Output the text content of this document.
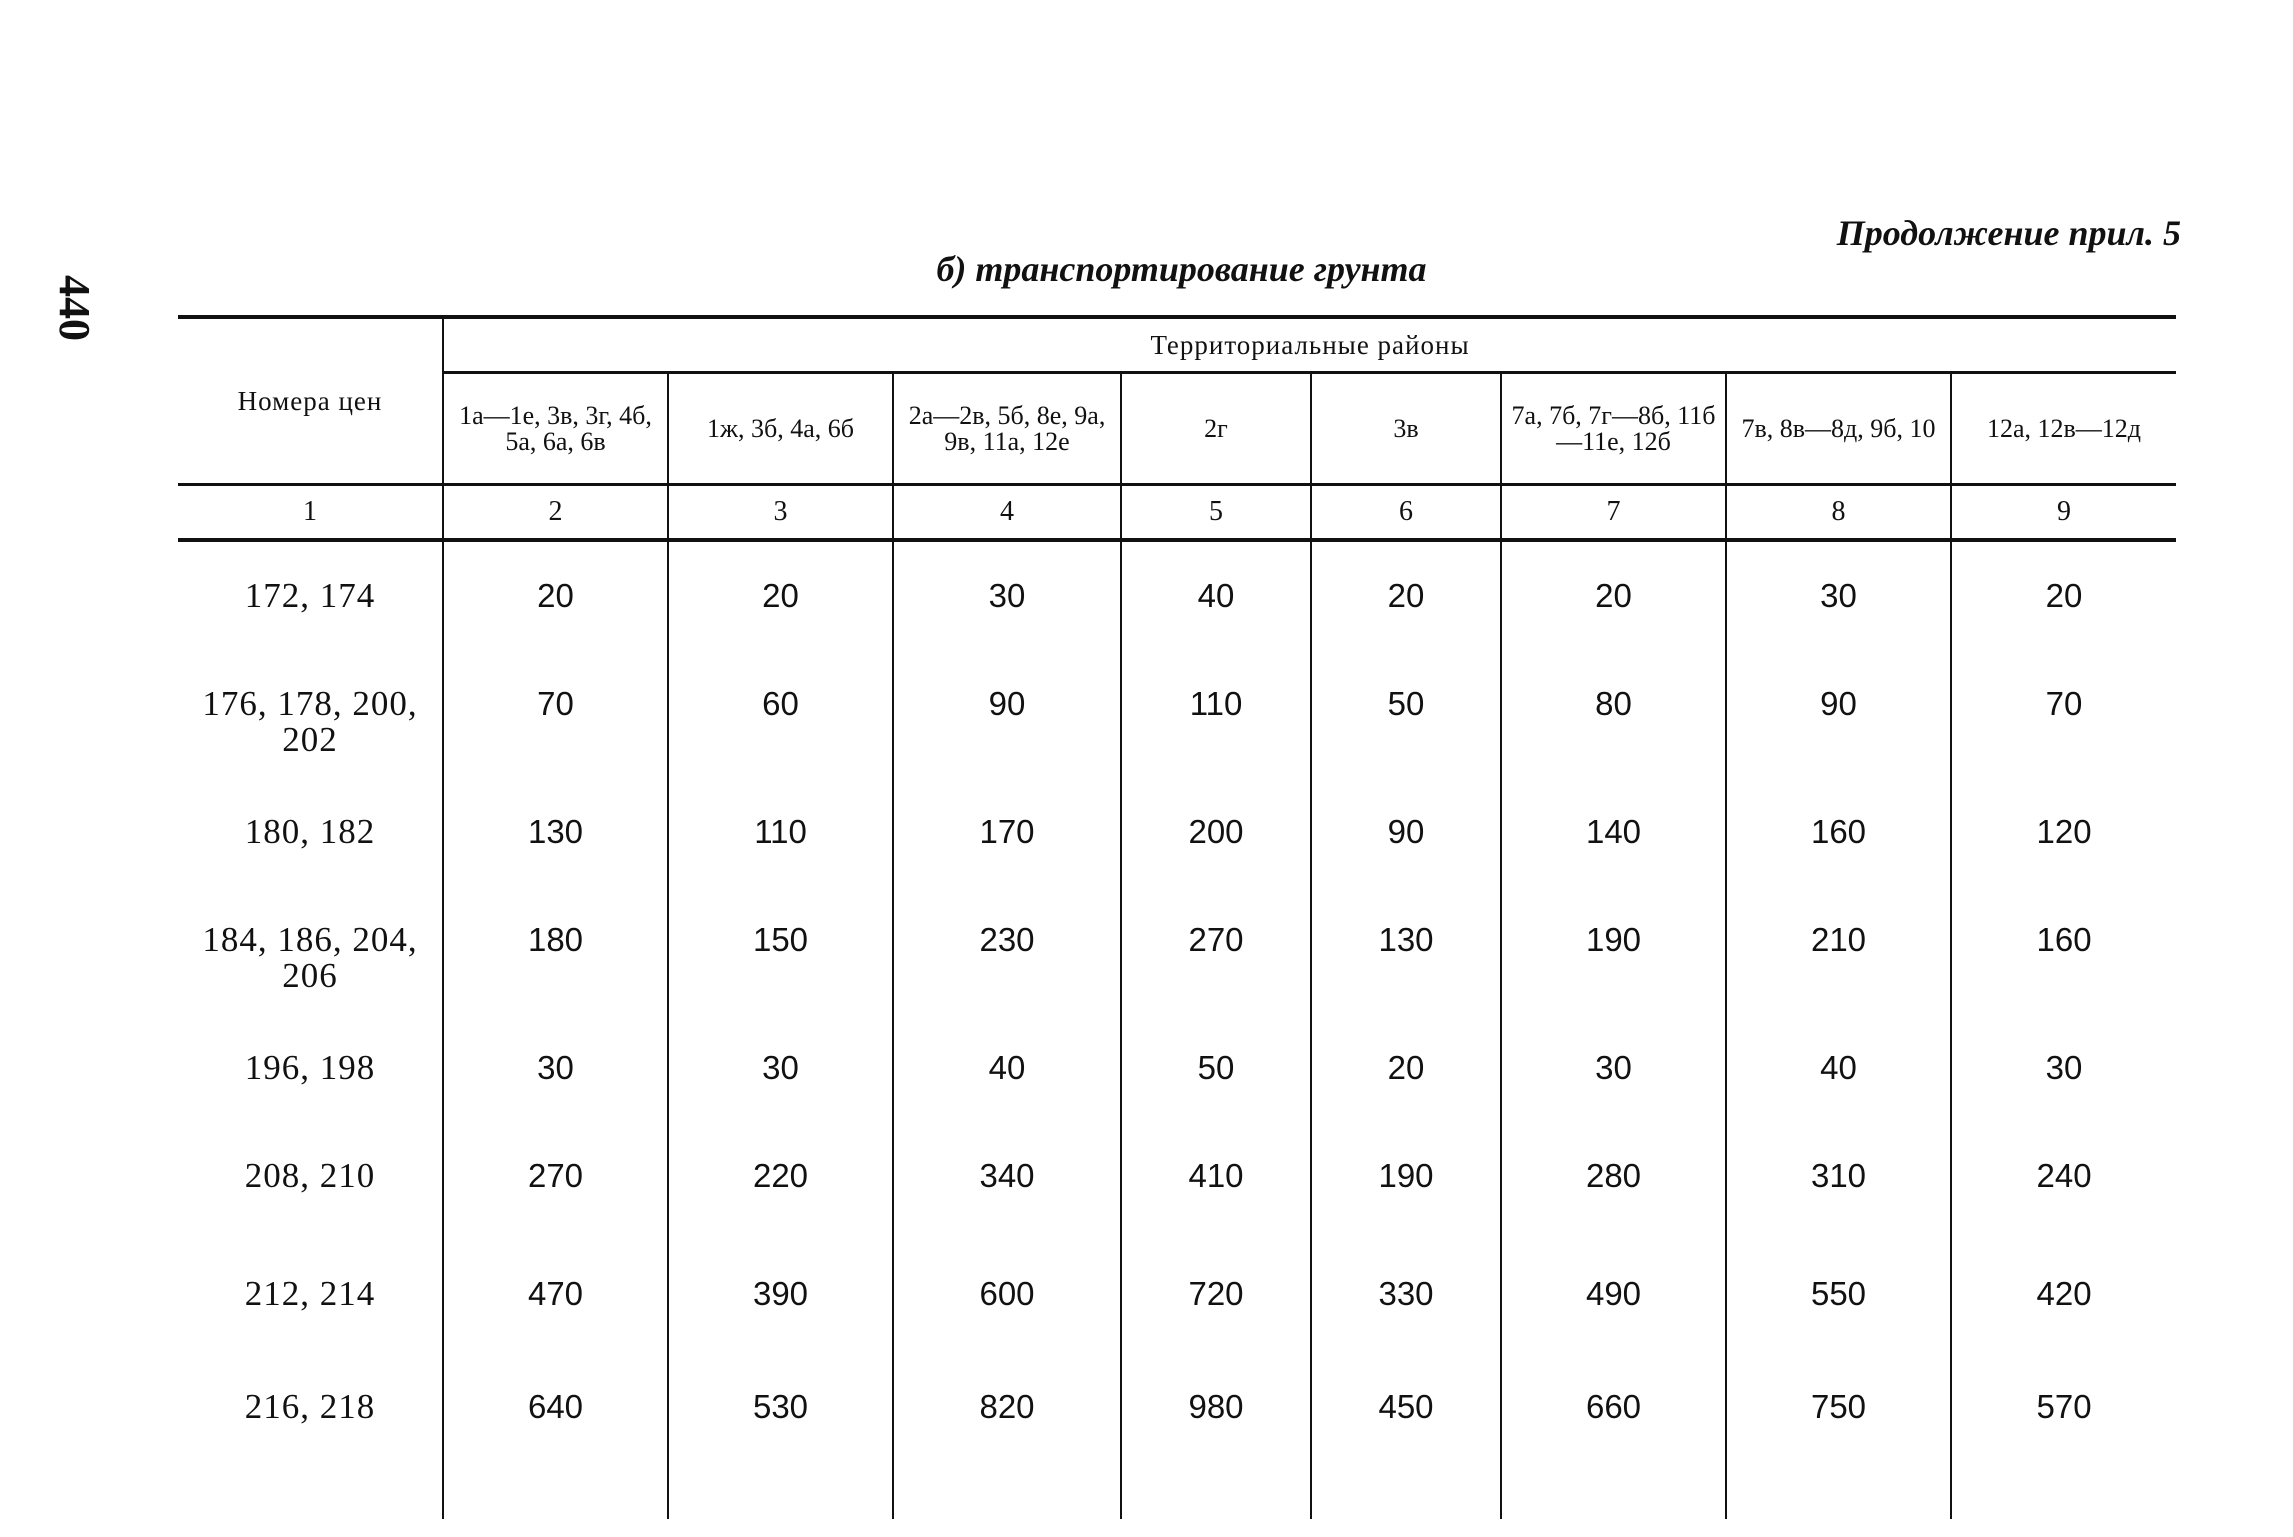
440
Продолжение прил. 5
б) транспортирование грунта
Номера цен	Территориальные районы							
	1а—1е, 3в, 3г, 4б, 5а, 6а, 6в	1ж, 3б, 4а, 6б	2а—2в, 5б, 8е, 9а, 9в, 11а, 12е	2г	3в	7а, 7б, 7г—8б, 11б—11е, 12б	7в, 8в—8д, 9б, 10	12а, 12в—12д
1	2	3	4	5	6	7	8	9

172, 174	20	20	30	40	20	20	30	20
176, 178, 200, 202	70	60	90	110	50	80	90	70
180, 182	130	110	170	200	90	140	160	120
184, 186, 204, 206	180	150	230	270	130	190	210	160
196, 198	30	30	40	50	20	30	40	30
208, 210	270	220	340	410	190	280	310	240
212, 214	470	390	600	720	330	490	550	420
216, 218	640	530	820	980	450	660	750	570
